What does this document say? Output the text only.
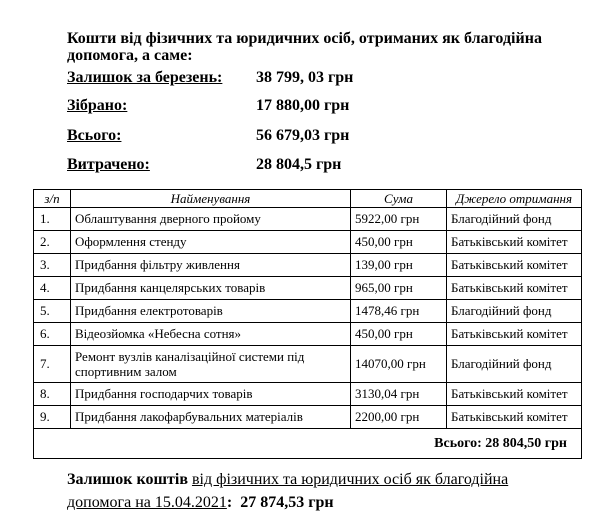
Кошти від фізичних та юридичних осіб, отриманих як благодійна
допомога, а саме:
Залишок за березень: 38 799, 03 грн
Зібрано:	17 880,00 грн
Всього:	56 679,03 грн
Витрачено:	28 804,5 грн
з/п	Найменування	Сума	Джерело отримання
1.	Облаштування дверного пройому	5922,00 грн	Благодійний фонд
2.	Оформлення стенду	450,00 грн	Батьківський комітет
3.	Придбання фільтру живлення	139,00 грн	Батьківський комітет
4.	Придбання канцелярських товарів	965,00 грн	Батьківський комітет
5.	Придбання електротоварів	1478,46 грн	Благодійний фонд
6.	Відеозйомка «Небесна сотня»	450,00 грн	Батьківський комітет
7.	Ремонт вузлів каналізаційної системи під спортивним залом	14070,00 грн	Благодійний фонд
8.	Придбання господарчих товарів	3130,04 грн	Батьківський комітет
9.	Придбання лакофарбувальних матеріалів	2200,00 грн	Батьківський комітет
Всього: 28 804,50 грн			
Залишок коштів від фізичних та юридичних осіб як благодійна
допомога на 15.04.2021: 27 874,53 грн
